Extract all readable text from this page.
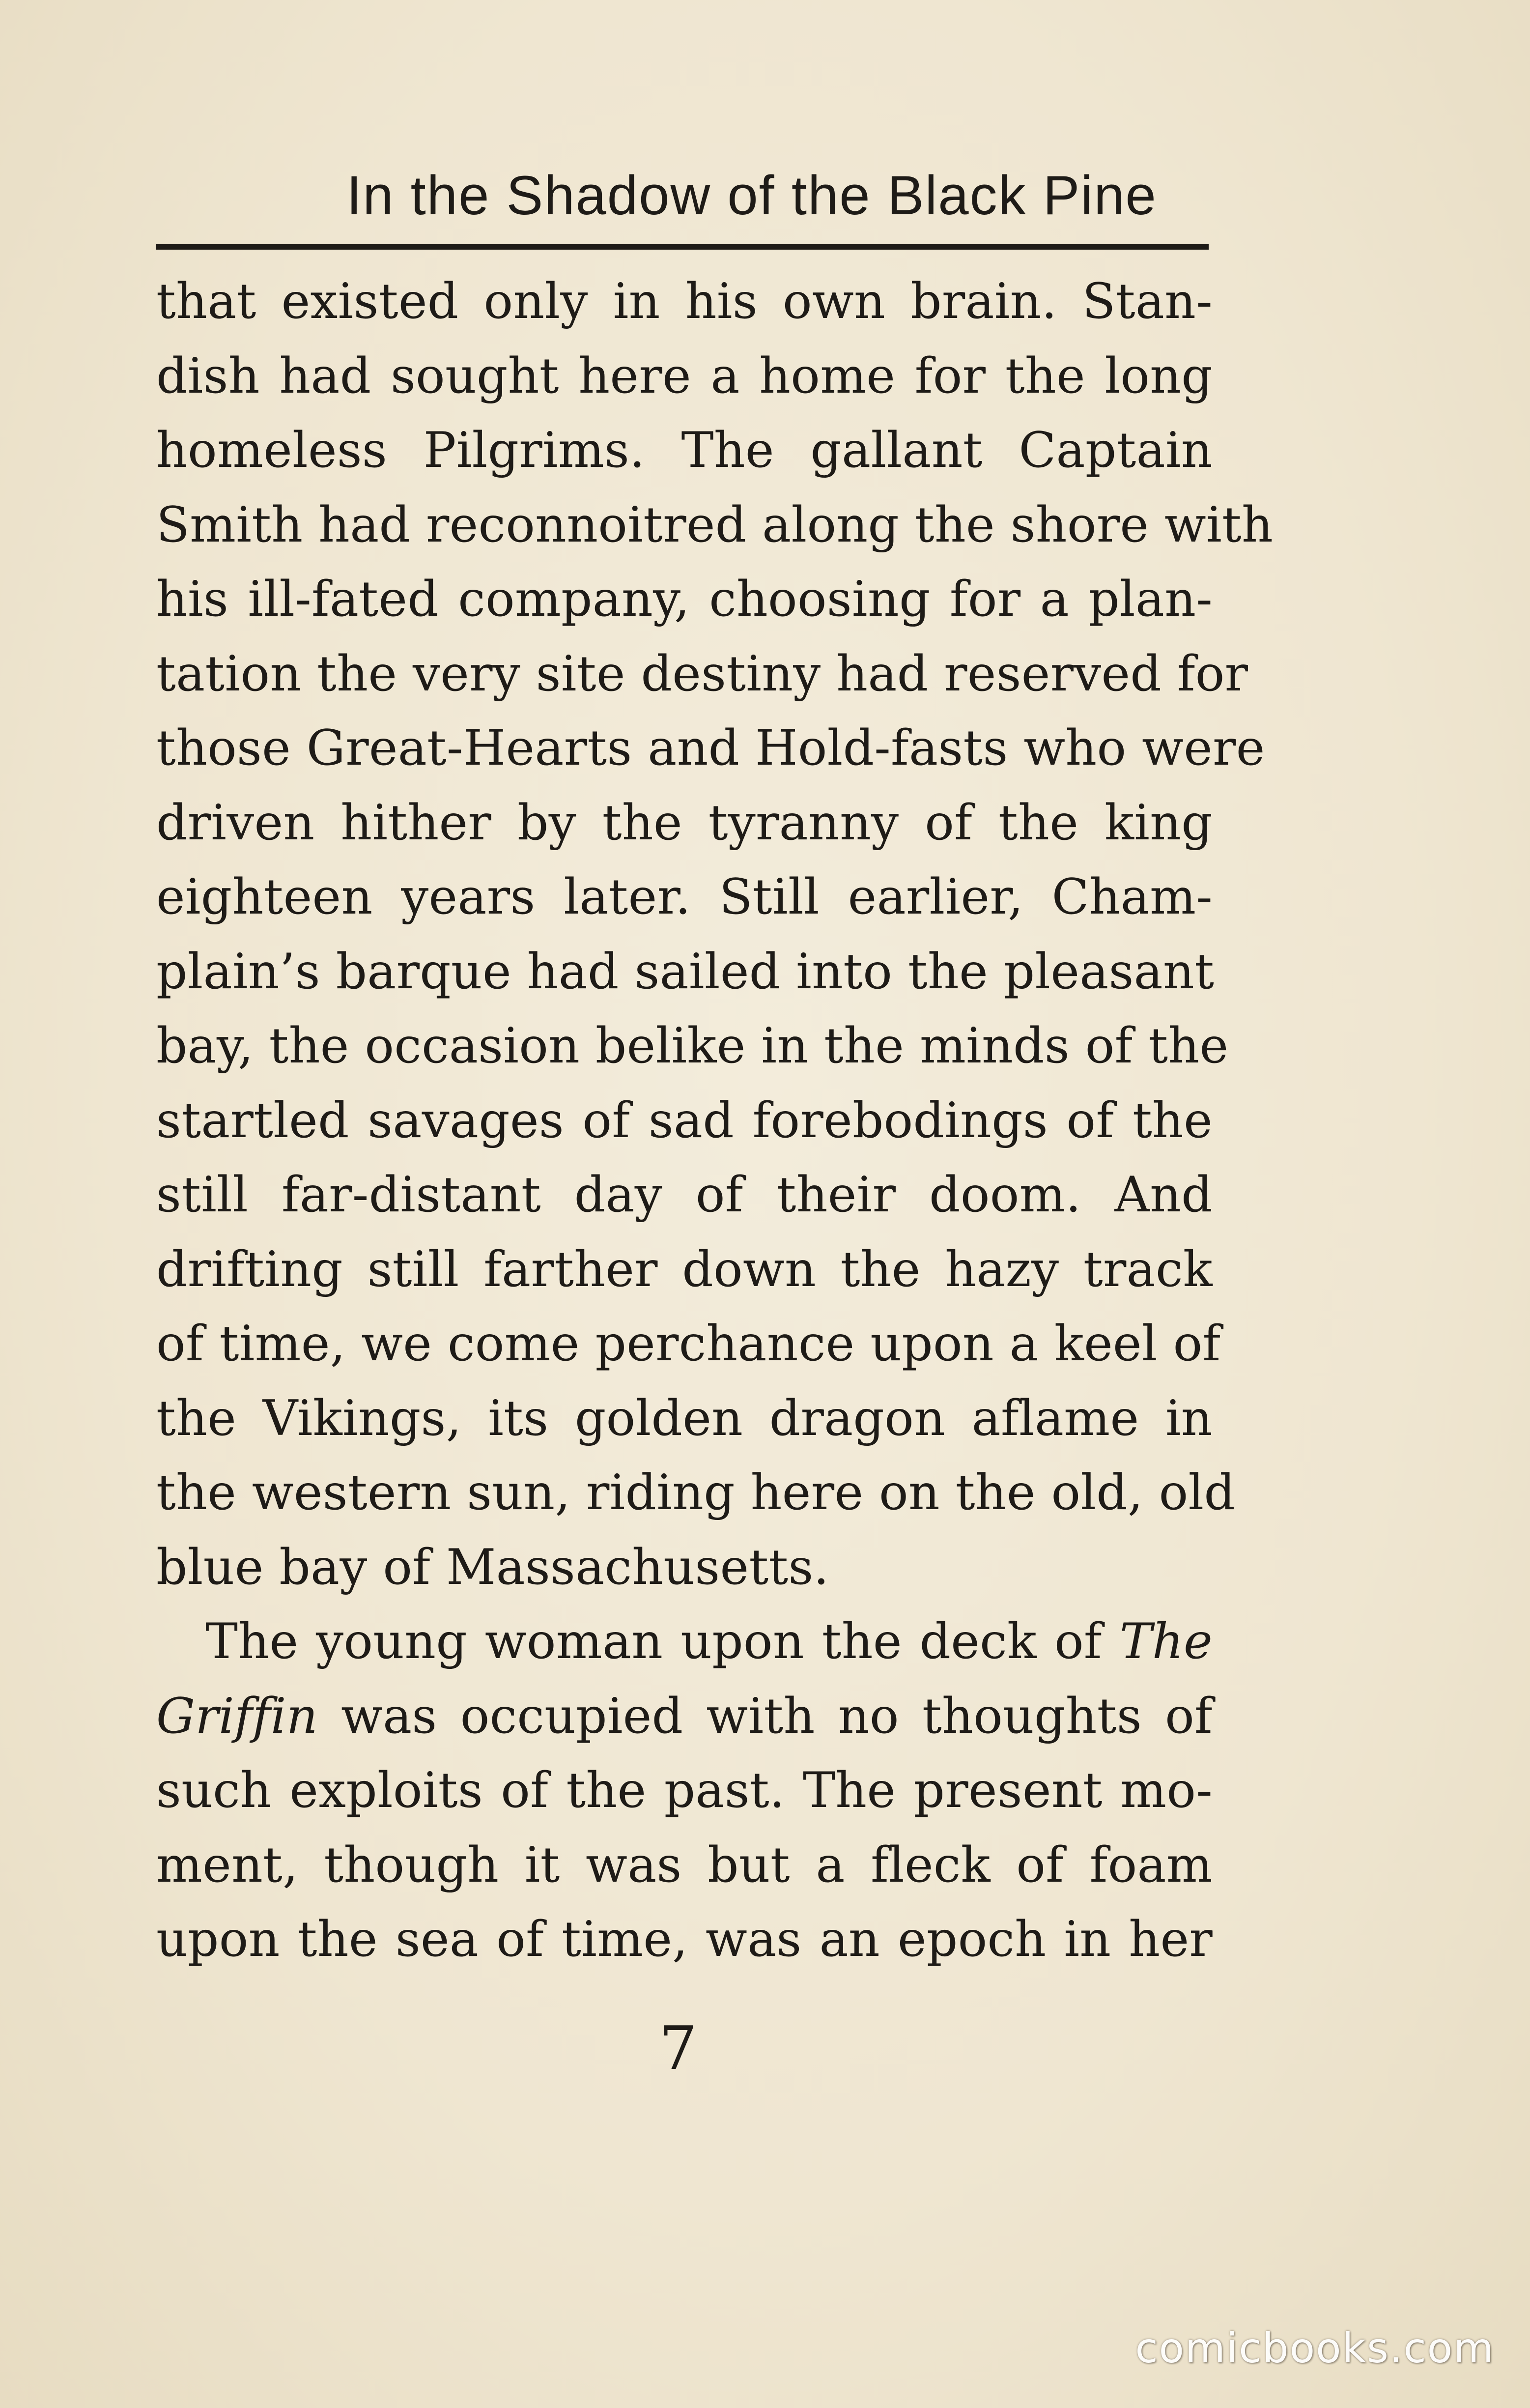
In the Shadow of the Black Pine
that existed only in his own brain. Stan-
dish had sought here a home for the long
homeless Pilgrims. The gallant Captain
Smith had reconnoitred along the shore with
his ill-fated company, choosing for a plan-
tation the very site destiny had reserved for
those Great-Hearts and Hold-fasts who were
driven hither by the tyranny of the king
eighteen years later. Still earlier, Cham-
plain’s barque had sailed into the pleasant
bay, the occasion belike in the minds of the
startled savages of sad forebodings of the
still far-distant day of their doom. And
drifting still farther down the hazy track
of time, we come perchance upon a keel of
the Vikings, its golden dragon aflame in
the western sun, riding here on the old, old
blue bay of Massachusetts.
The young woman upon the deck of The
Griffin was occupied with no thoughts of
such exploits of the past. The present mo-
ment, though it was but a fleck of foam
upon the sea of time, was an epoch in her
7
comicbooks.com
